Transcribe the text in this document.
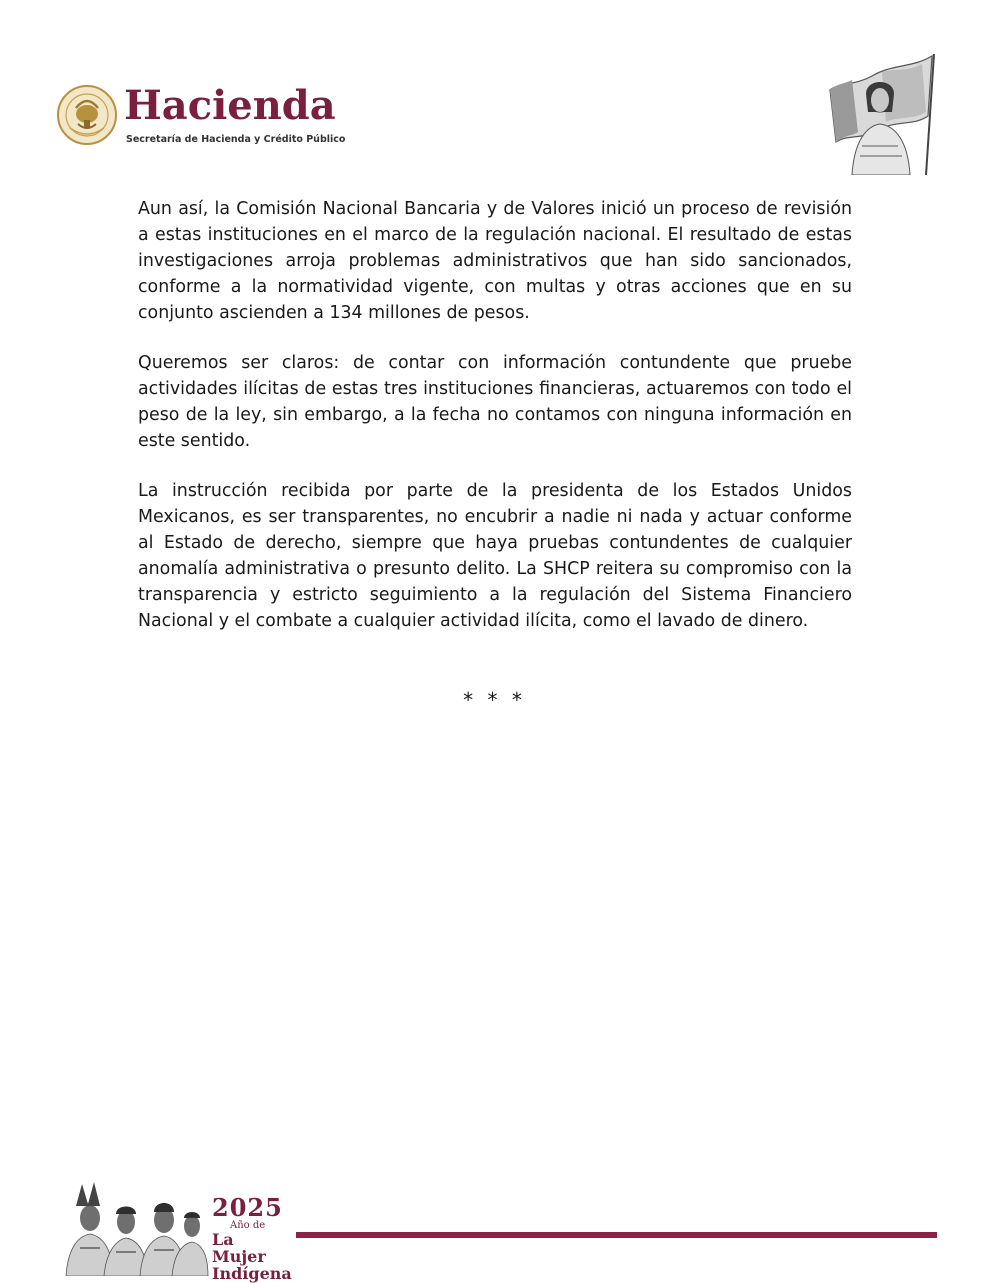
Hacienda
Secretaría de Hacienda y Crédito Público

Aun así, la Comisión Nacional Bancaria y de Valores inició un proceso de revisión a estas instituciones en el marco de la regulación nacional. El resultado de estas investigaciones arroja problemas administrativos que han sido sancionados, conforme a la normatividad vigente, con multas y otras acciones que en su conjunto ascienden a 134 millones de pesos.

Queremos ser claros: de contar con información contundente que pruebe actividades ilícitas de estas tres instituciones financieras, actuaremos con todo el peso de la ley, sin embargo, a la fecha no contamos con ninguna información en este sentido.

La instrucción recibida por parte de la presidenta de los Estados Unidos Mexicanos, es ser transparentes, no encubrir a nadie ni nada y actuar conforme al Estado de derecho, siempre que haya pruebas contundentes de cualquier anomalía administrativa o presunto delito. La SHCP reitera su compromiso con la transparencia y estricto seguimiento a la regulación del Sistema Financiero Nacional y el combate a cualquier actividad ilícita, como el lavado de dinero.

* * *
2025
Año de
La Mujer
Indígena
